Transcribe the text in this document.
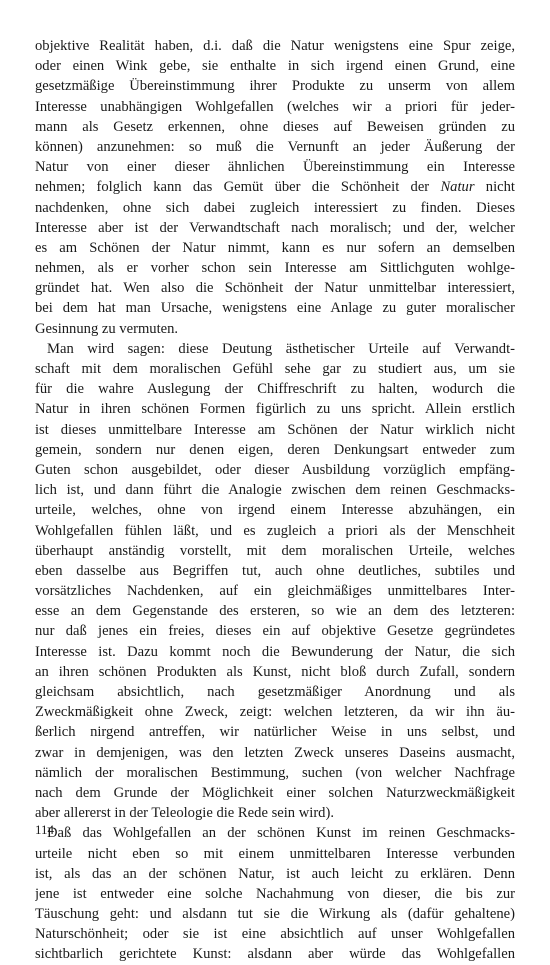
objektive Realität haben, d.i. daß die Natur wenigstens eine Spur zeige,
oder einen Wink gebe, sie enthalte in sich irgend einen Grund, eine
gesetzmäßige Übereinstimmung ihrer Produkte zu unserm von allem
Interesse unabhängigen Wohlgefallen (welches wir a priori für jeder-
mann als Gesetz erkennen, ohne dieses auf Beweisen gründen zu
können) anzunehmen: so muß die Vernunft an jeder Äußerung der
Natur von einer dieser ähnlichen Übereinstimmung ein Interesse
nehmen; folglich kann das Gemüt über die Schönheit der Natur nicht
nachdenken, ohne sich dabei zugleich interessiert zu finden. Dieses
Interesse aber ist der Verwandtschaft nach moralisch; und der, welcher
es am Schönen der Natur nimmt, kann es nur sofern an demselben
nehmen, als er vorher schon sein Interesse am Sittlichguten wohlge-
gründet hat. Wen also die Schönheit der Natur unmittelbar interessiert,
bei dem hat man Ursache, wenigstens eine Anlage zu guter moralischer
Gesinnung zu vermuten.
Man wird sagen: diese Deutung ästhetischer Urteile auf Verwandt-
schaft mit dem moralischen Gefühl sehe gar zu studiert aus, um sie
für die wahre Auslegung der Chiffreschrift zu halten, wodurch die
Natur in ihren schönen Formen figürlich zu uns spricht. Allein erstlich
ist dieses unmittelbare Interesse am Schönen der Natur wirklich nicht
gemein, sondern nur denen eigen, deren Denkungsart entweder zum
Guten schon ausgebildet, oder dieser Ausbildung vorzüglich empfäng-
lich ist, und dann führt die Analogie zwischen dem reinen Geschmacks-
urteile, welches, ohne von irgend einem Interesse abzuhängen, ein
Wohlgefallen fühlen läßt, und es zugleich a priori als der Menschheit
überhaupt anständig vorstellt, mit dem moralischen Urteile, welches
eben dasselbe aus Begriffen tut, auch ohne deutliches, subtiles und
vorsätzliches Nachdenken, auf ein gleichmäßiges unmittelbares Inter-
esse an dem Gegenstande des ersteren, so wie an dem des letzteren:
nur daß jenes ein freies, dieses ein auf objektive Gesetze gegründetes
Interesse ist. Dazu kommt noch die Bewunderung der Natur, die sich
an ihren schönen Produkten als Kunst, nicht bloß durch Zufall, sondern
gleichsam absichtlich, nach gesetzmäßiger Anordnung und als
Zweckmäßigkeit ohne Zweck, zeigt: welchen letzteren, da wir ihn äu-
ßerlich nirgend antreffen, wir natürlicher Weise in uns selbst, und
zwar in demjenigen, was den letzten Zweck unseres Daseins ausmacht,
nämlich der moralischen Bestimmung, suchen (von welcher Nachfrage
nach dem Grunde der Möglichkeit einer solchen Naturzweckmäßigkeit
aber allererst in der Teleologie die Rede sein wird).
Daß das Wohlgefallen an der schönen Kunst im reinen Geschmacks-
urteile nicht eben so mit einem unmittelbaren Interesse verbunden
ist, als das an der schönen Natur, ist auch leicht zu erklären. Denn
jene ist entweder eine solche Nachahmung von dieser, die bis zur
Täuschung geht: und alsdann tut sie die Wirkung als (dafür gehaltene)
Naturschönheit; oder sie ist eine absichtlich auf unser Wohlgefallen
sichtbarlich gerichtete Kunst: alsdann aber würde das Wohlgefallen
114
